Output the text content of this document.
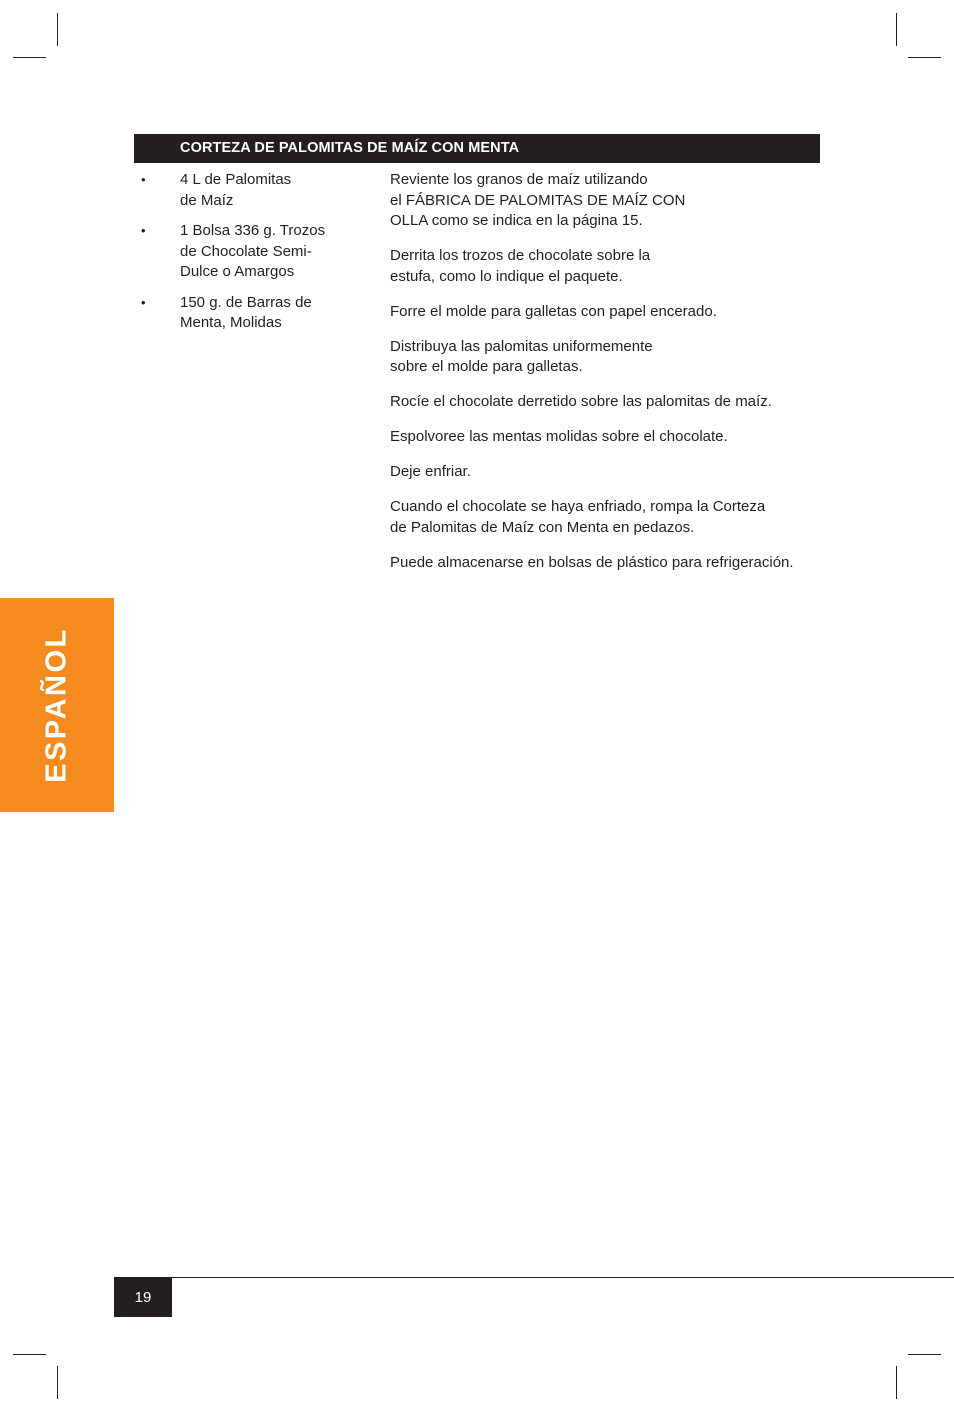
CORTEZA DE PALOMITAS DE MAÍZ CON MENTA
• 4 L de Palomitas
de Maíz
• 1 Bolsa 336 g. Trozos
de Chocolate Semi-
Dulce o Amargos
• 150 g. de Barras de
Menta, Molidas
Reviente los granos de maíz utilizando
el FÁBRICA DE PALOMITAS DE MAÍZ CON
OLLA como se indica en la página 15.
Derrita los trozos de chocolate sobre la
estufa, como lo indique el paquete.
Forre el molde para galletas con papel encerado.
Distribuya las palomitas uniformemente
sobre el molde para galletas.
Rocíe el chocolate derretido sobre las palomitas de maíz.
Espolvoree las mentas molidas sobre el chocolate.
Deje enfriar.
Cuando el chocolate se haya enfriado, rompa la Corteza
de Palomitas de Maíz con Menta en pedazos.
Puede almacenarse en bolsas de plástico para refrigeración.
ESPAÑOL
19
